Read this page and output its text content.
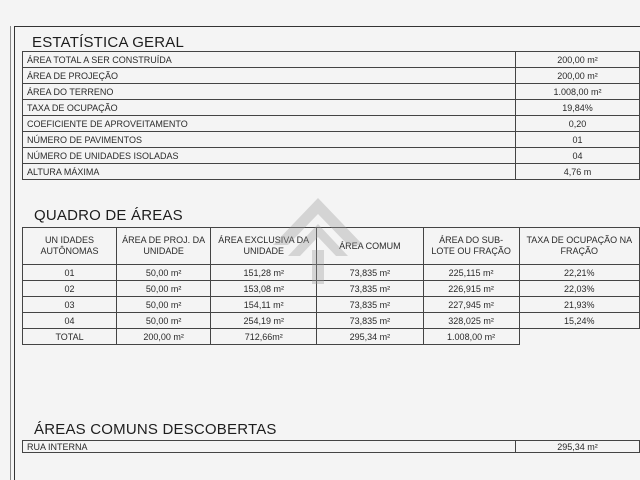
ESTATÍSTICA GERAL
ÁREA TOTAL A SER CONSTRUÍDA	200,00 m²
ÁREA DE PROJEÇÃO	200,00 m²
ÁREA DO TERRENO	1.008,00 m²
TAXA DE OCUPAÇÃO	19,84%
COEFICIENTE DE APROVEITAMENTO	0,20
NÚMERO DE PAVIMENTOS	01
NÚMERO DE UNIDADES ISOLADAS	04
ALTURA MÁXIMA	4,76 m
QUADRO DE ÁREAS
UN IDADES AUTÔNOMAS	ÁREA DE PROJ. DA UNIDADE	ÁREA EXCLUSIVA DA UNIDADE	ÁREA COMUM	ÁREA DO SUB-LOTE OU FRAÇÃO	TAXA DE OCUPAÇÃO NA FRAÇÃO
01	50,00 m²	151,28 m²	73,835 m²	225,115 m²	22,21%
02	50,00 m²	153,08 m²	73,835 m²	226,915 m²	22,03%
03	50,00 m²	154,11 m²	73,835 m²	227,945 m²	21,93%
04	50,00 m²	254,19 m²	73,835 m²	328,025 m²	15,24%
TOTAL	200,00 m²	712,66m²	295,34 m²	1.008,00 m²	
ÁREAS COMUNS DESCOBERTAS
RUA INTERNA	295,34 m²
